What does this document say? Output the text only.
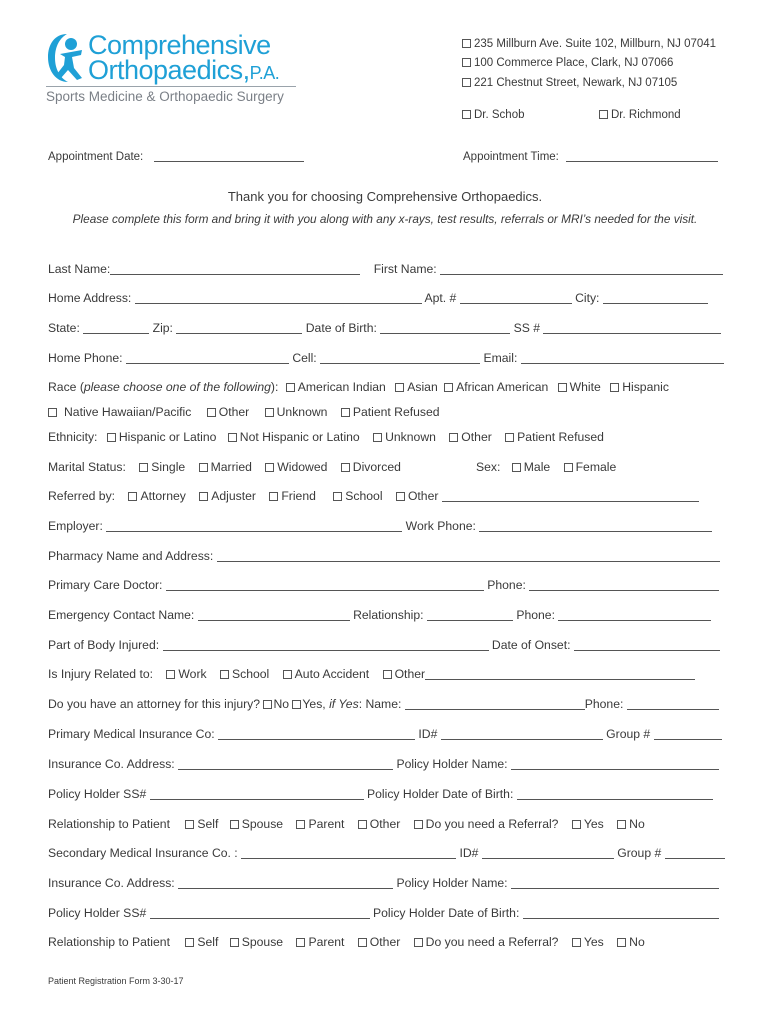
Comprehensive
Orthopaedics,P.A.
Sports Medicine & Orthopaedic Surgery
235 Millburn Ave. Suite 102, Millburn, NJ 07041
100 Commerce Place, Clark, NJ 07066
221 Chestnut Street, Newark, NJ 07105
Dr. Schob	Dr. Richmond
Appointment Date:	Appointment Time:
Thank you for choosing Comprehensive Orthopaedics.
Please complete this form and bring it with you along with any x-rays, test results, referrals or MRI’s needed for the visit.
Last Name:	First Name:
Home Address:	Apt. #	City:
State:	Zip:	Date of Birth:	SS #
Home Phone:	Cell:	Email:
Race (please choose one of the following): American Indian Asian African American White Hispanic
Native Hawaiian/Pacific Other Unknown Patient Refused
Ethnicity: Hispanic or Latino Not Hispanic or Latino Unknown Other Patient Refused
Marital Status: Single Married Widowed Divorced	Sex: Male Female
Referred by: Attorney Adjuster Friend School Other
Employer:	Work Phone:
Pharmacy Name and Address:
Primary Care Doctor:	Phone:
Emergency Contact Name:	Relationship:	Phone:
Part of Body Injured:	Date of Onset:
Is Injury Related to: Work School Auto Accident Other
Do you have an attorney for this injury? No Yes, if Yes: Name:	Phone:
Primary Medical Insurance Co:	ID#	Group #
Insurance Co. Address:	Policy Holder Name:
Policy Holder SS#	Policy Holder Date of Birth:
Relationship to Patient Self Spouse Parent Other Do you need a Referral? Yes No
Secondary Medical Insurance Co. :	ID#	Group #
Insurance Co. Address:	Policy Holder Name:
Policy Holder SS#	Policy Holder Date of Birth:
Relationship to Patient Self Spouse Parent Other Do you need a Referral? Yes No
Patient Registration Form 3-30-17
